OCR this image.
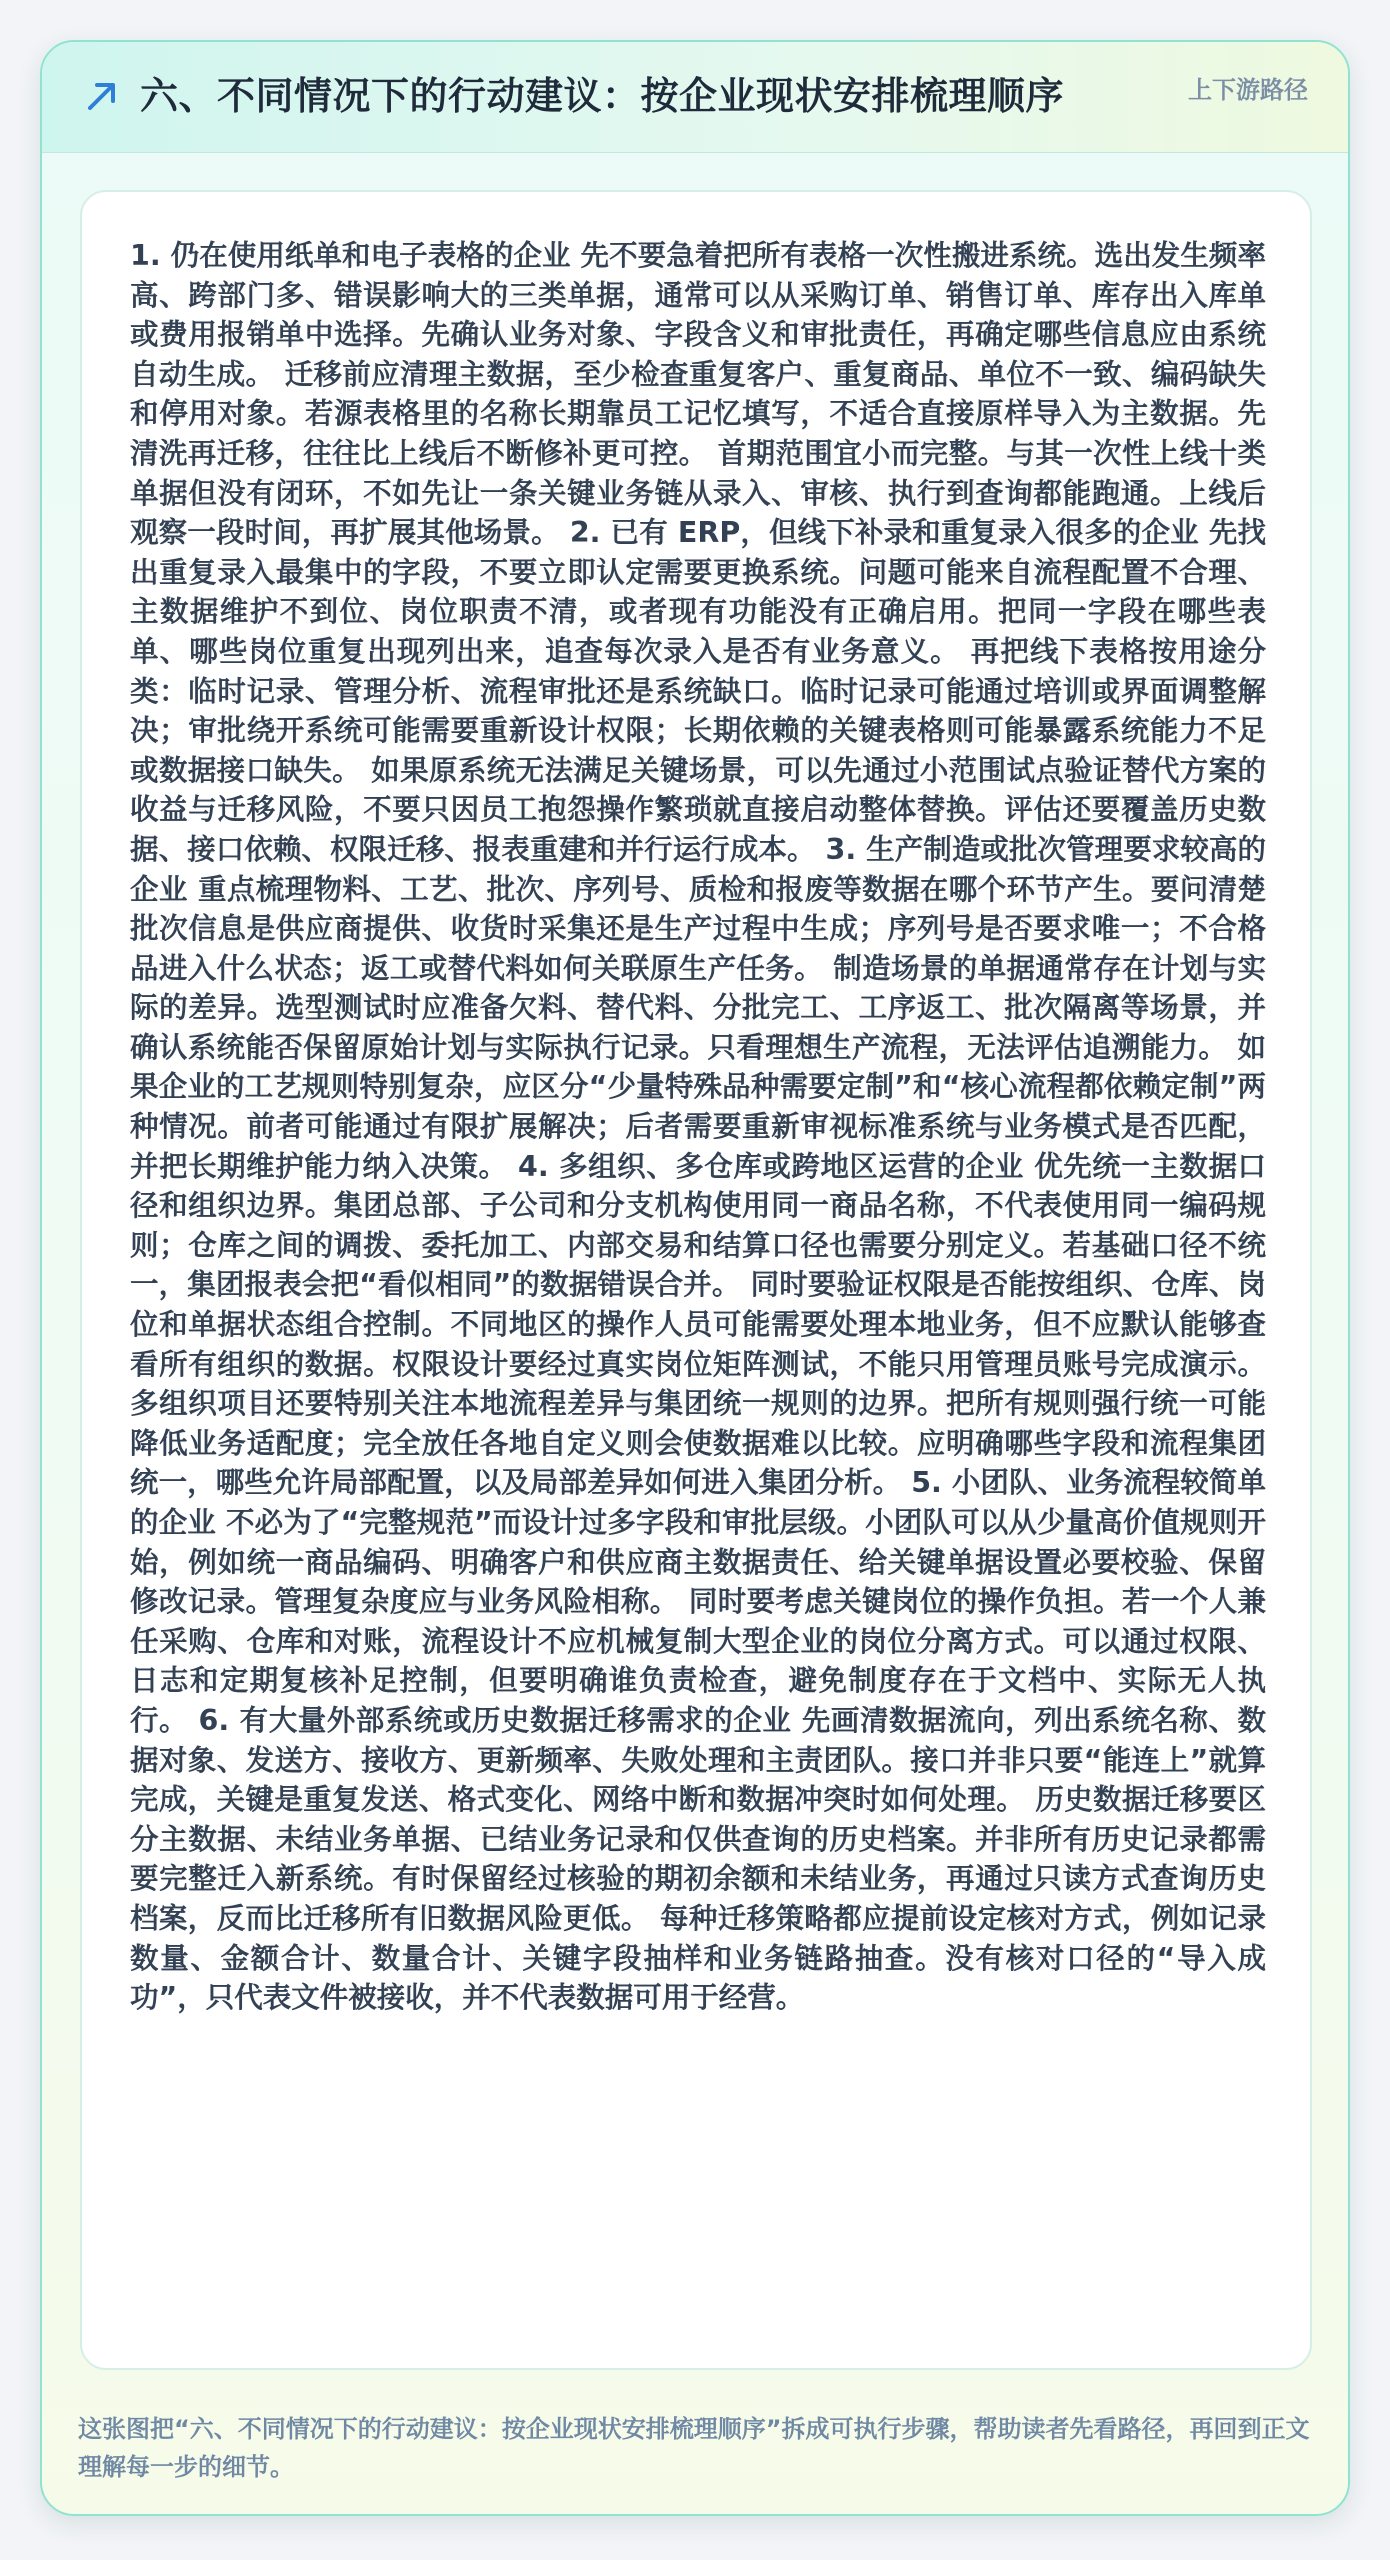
六、不同情况下的行动建议：按企业现状安排梳理顺序	上下游路径

1. 仍在使用纸单和电子表格的企业 先不要急着把所有表格一次性搬进系统。选出发生频率高、跨部门多、错误影响大的三类单据，通常可以从采购订单、销售订单、库存出入库单或费用报销单中选择。先确认业务对象、字段含义和审批责任，再确定哪些信息应由系统自动生成。 迁移前应清理主数据，至少检查重复客户、重复商品、单位不一致、编码缺失和停用对象。若源表格里的名称长期靠员工记忆填写，不适合直接原样导入为主数据。先清洗再迁移，往往比上线后不断修补更可控。 首期范围宜小而完整。与其一次性上线十类单据但没有闭环，不如先让一条关键业务链从录入、审核、执行到查询都能跑通。上线后观察一段时间，再扩展其他场景。 2. 已有 ERP，但线下补录和重复录入很多的企业 先找出重复录入最集中的字段，不要立即认定需要更换系统。问题可能来自流程配置不合理、主数据维护不到位、岗位职责不清，或者现有功能没有正确启用。把同一字段在哪些表单、哪些岗位重复出现列出来，追查每次录入是否有业务意义。 再把线下表格按用途分类：临时记录、管理分析、流程审批还是系统缺口。临时记录可能通过培训或界面调整解决；审批绕开系统可能需要重新设计权限；长期依赖的关键表格则可能暴露系统能力不足或数据接口缺失。 如果原系统无法满足关键场景，可以先通过小范围试点验证替代方案的收益与迁移风险，不要只因员工抱怨操作繁琐就直接启动整体替换。评估还要覆盖历史数据、接口依赖、权限迁移、报表重建和并行运行成本。 3. 生产制造或批次管理要求较高的企业 重点梳理物料、工艺、批次、序列号、质检和报废等数据在哪个环节产生。要问清楚批次信息是供应商提供、收货时采集还是生产过程中生成；序列号是否要求唯一；不合格品进入什么状态；返工或替代料如何关联原生产任务。 制造场景的单据通常存在计划与实际的差异。选型测试时应准备欠料、替代料、分批完工、工序返工、批次隔离等场景，并确认系统能否保留原始计划与实际执行记录。只看理想生产流程，无法评估追溯能力。 如果企业的工艺规则特别复杂，应区分“少量特殊品种需要定制”和“核心流程都依赖定制”两种情况。前者可能通过有限扩展解决；后者需要重新审视标准系统与业务模式是否匹配，并把长期维护能力纳入决策。 4. 多组织、多仓库或跨地区运营的企业 优先统一主数据口径和组织边界。集团总部、子公司和分支机构使用同一商品名称，不代表使用同一编码规则；仓库之间的调拨、委托加工、内部交易和结算口径也需要分别定义。若基础口径不统一，集团报表会把“看似相同”的数据错误合并。 同时要验证权限是否能按组织、仓库、岗位和单据状态组合控制。不同地区的操作人员可能需要处理本地业务，但不应默认能够查看所有组织的数据。权限设计要经过真实岗位矩阵测试，不能只用管理员账号完成演示。 多组织项目还要特别关注本地流程差异与集团统一规则的边界。把所有规则强行统一可能降低业务适配度；完全放任各地自定义则会使数据难以比较。应明确哪些字段和流程集团统一，哪些允许局部配置，以及局部差异如何进入集团分析。 5. 小团队、业务流程较简单的企业 不必为了“完整规范”而设计过多字段和审批层级。小团队可以从少量高价值规则开始，例如统一商品编码、明确客户和供应商主数据责任、给关键单据设置必要校验、保留修改记录。管理复杂度应与业务风险相称。 同时要考虑关键岗位的操作负担。若一个人兼任采购、仓库和对账，流程设计不应机械复制大型企业的岗位分离方式。可以通过权限、日志和定期复核补足控制，但要明确谁负责检查，避免制度存在于文档中、实际无人执行。 6. 有大量外部系统或历史数据迁移需求的企业 先画清数据流向，列出系统名称、数据对象、发送方、接收方、更新频率、失败处理和主责团队。接口并非只要“能连上”就算完成，关键是重复发送、格式变化、网络中断和数据冲突时如何处理。 历史数据迁移要区分主数据、未结业务单据、已结业务记录和仅供查询的历史档案。并非所有历史记录都需要完整迁入新系统。有时保留经过核验的期初余额和未结业务，再通过只读方式查询历史档案，反而比迁移所有旧数据风险更低。 每种迁移策略都应提前设定核对方式，例如记录数量、金额合计、数量合计、关键字段抽样和业务链路抽查。没有核对口径的“导入成功”，只代表文件被接收，并不代表数据可用于经营。

这张图把“六、不同情况下的行动建议：按企业现状安排梳理顺序”拆成可执行步骤，帮助读者先看路径，再回到正文理解每一步的细节。
